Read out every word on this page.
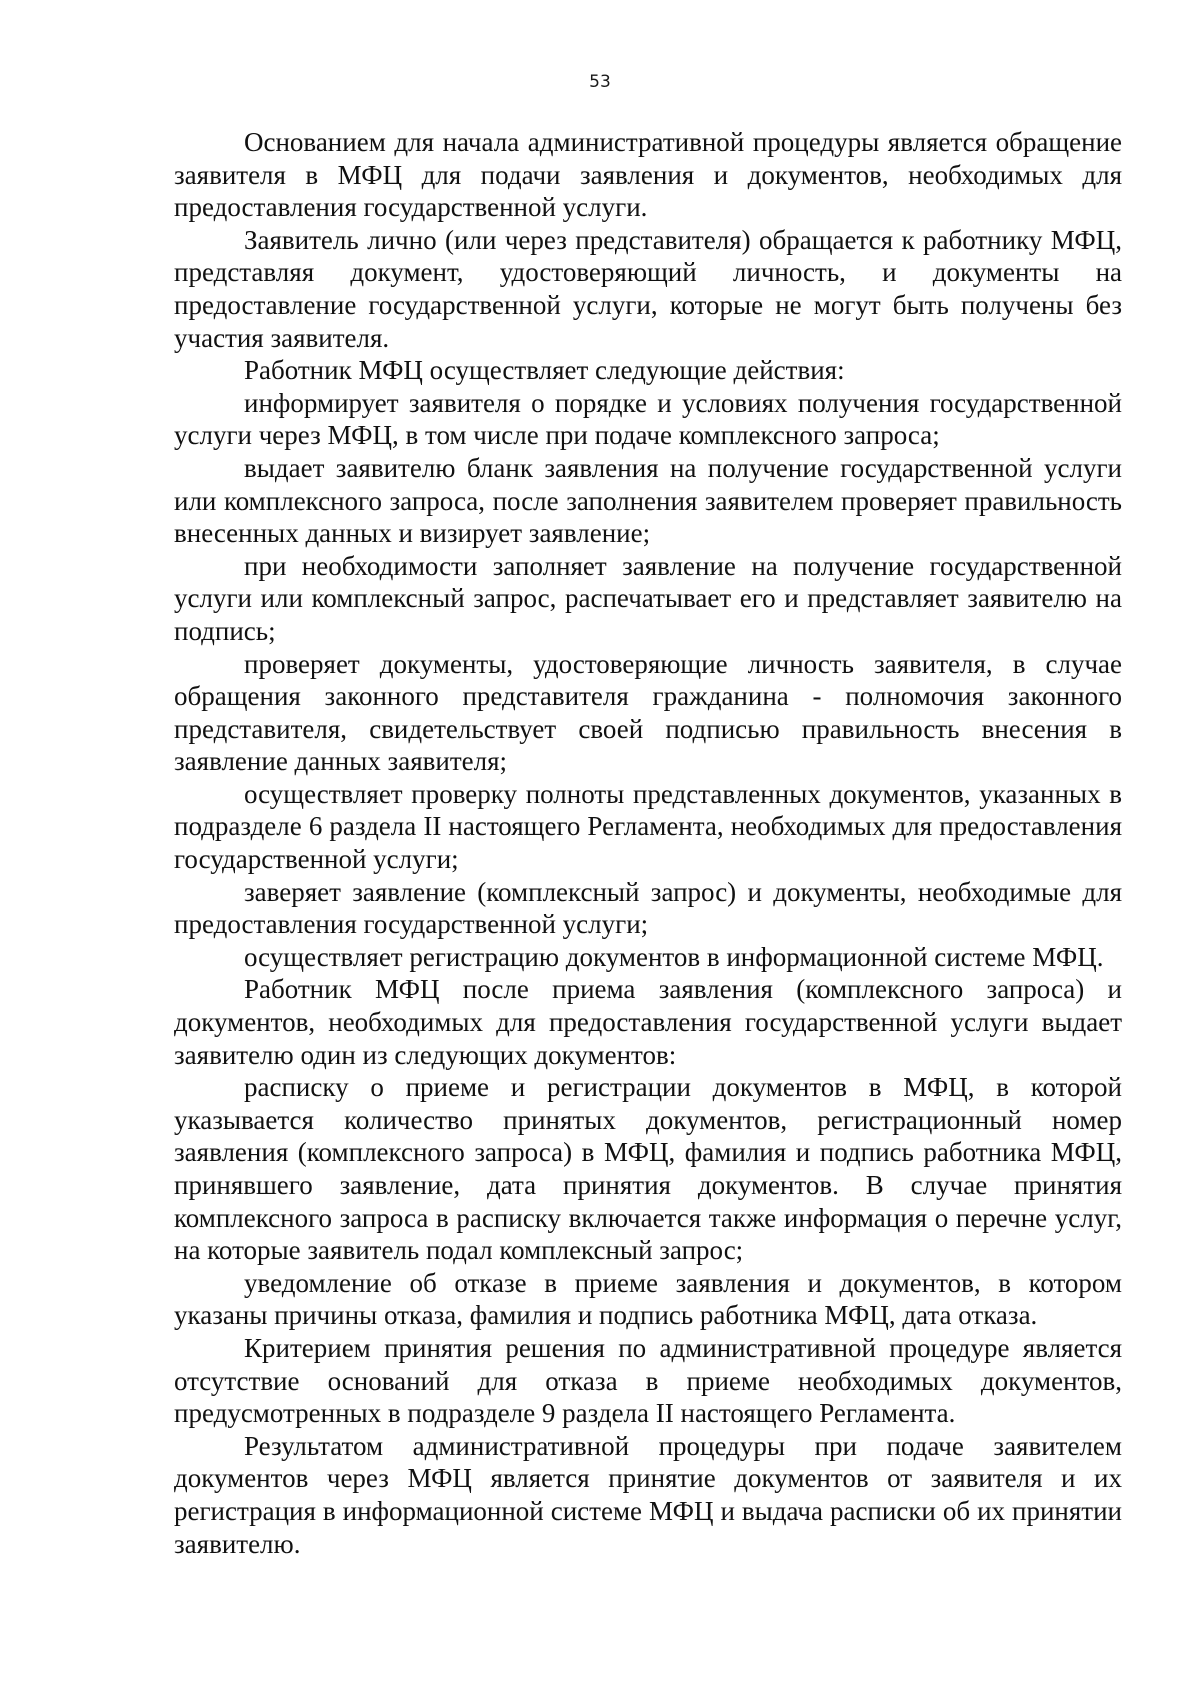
53

Основанием для начала административной процедуры является обращение заявителя в МФЦ для подачи заявления и документов, необходимых для предоставления государственной услуги.

Заявитель лично (или через представителя) обращается к работнику МФЦ, представляя документ, удостоверяющий личность, и документы на предоставление государственной услуги, которые не могут быть получены без участия заявителя.

Работник МФЦ осуществляет следующие действия:

информирует заявителя о порядке и условиях получения государственной услуги через МФЦ, в том числе при подаче комплексного запроса;

выдает заявителю бланк заявления на получение государственной услуги или комплексного запроса, после заполнения заявителем проверяет правильность внесенных данных и визирует заявление;

при необходимости заполняет заявление на получение государственной услуги или комплексный запрос, распечатывает его и представляет заявителю на подпись;

проверяет документы, удостоверяющие личность заявителя, в случае обращения законного представителя гражданина - полномочия законного представителя, свидетельствует своей подписью правильность внесения в заявление данных заявителя;

осуществляет проверку полноты представленных документов, указанных в подразделе 6 раздела II настоящего Регламента, необходимых для предоставления государственной услуги;

заверяет заявление (комплексный запрос) и документы, необходимые для предоставления государственной услуги;

осуществляет регистрацию документов в информационной системе МФЦ.

Работник МФЦ после приема заявления (комплексного запроса) и документов, необходимых для предоставления государственной услуги выдает заявителю один из следующих документов:

расписку о приеме и регистрации документов в МФЦ, в которой указывается количество принятых документов, регистрационный номер заявления (комплексного запроса) в МФЦ, фамилия и подпись работника МФЦ, принявшего заявление, дата принятия документов. В случае принятия комплексного запроса в расписку включается также информация о перечне услуг, на которые заявитель подал комплексный запрос;

уведомление об отказе в приеме заявления и документов, в котором указаны причины отказа, фамилия и подпись работника МФЦ, дата отказа.

Критерием принятия решения по административной процедуре является отсутствие оснований для отказа в приеме необходимых документов, предусмотренных в подразделе 9 раздела II настоящего Регламента.

Результатом административной процедуры при подаче заявителем документов через МФЦ является принятие документов от заявителя и их регистрация в информационной системе МФЦ и выдача расписки об их принятии заявителю.
